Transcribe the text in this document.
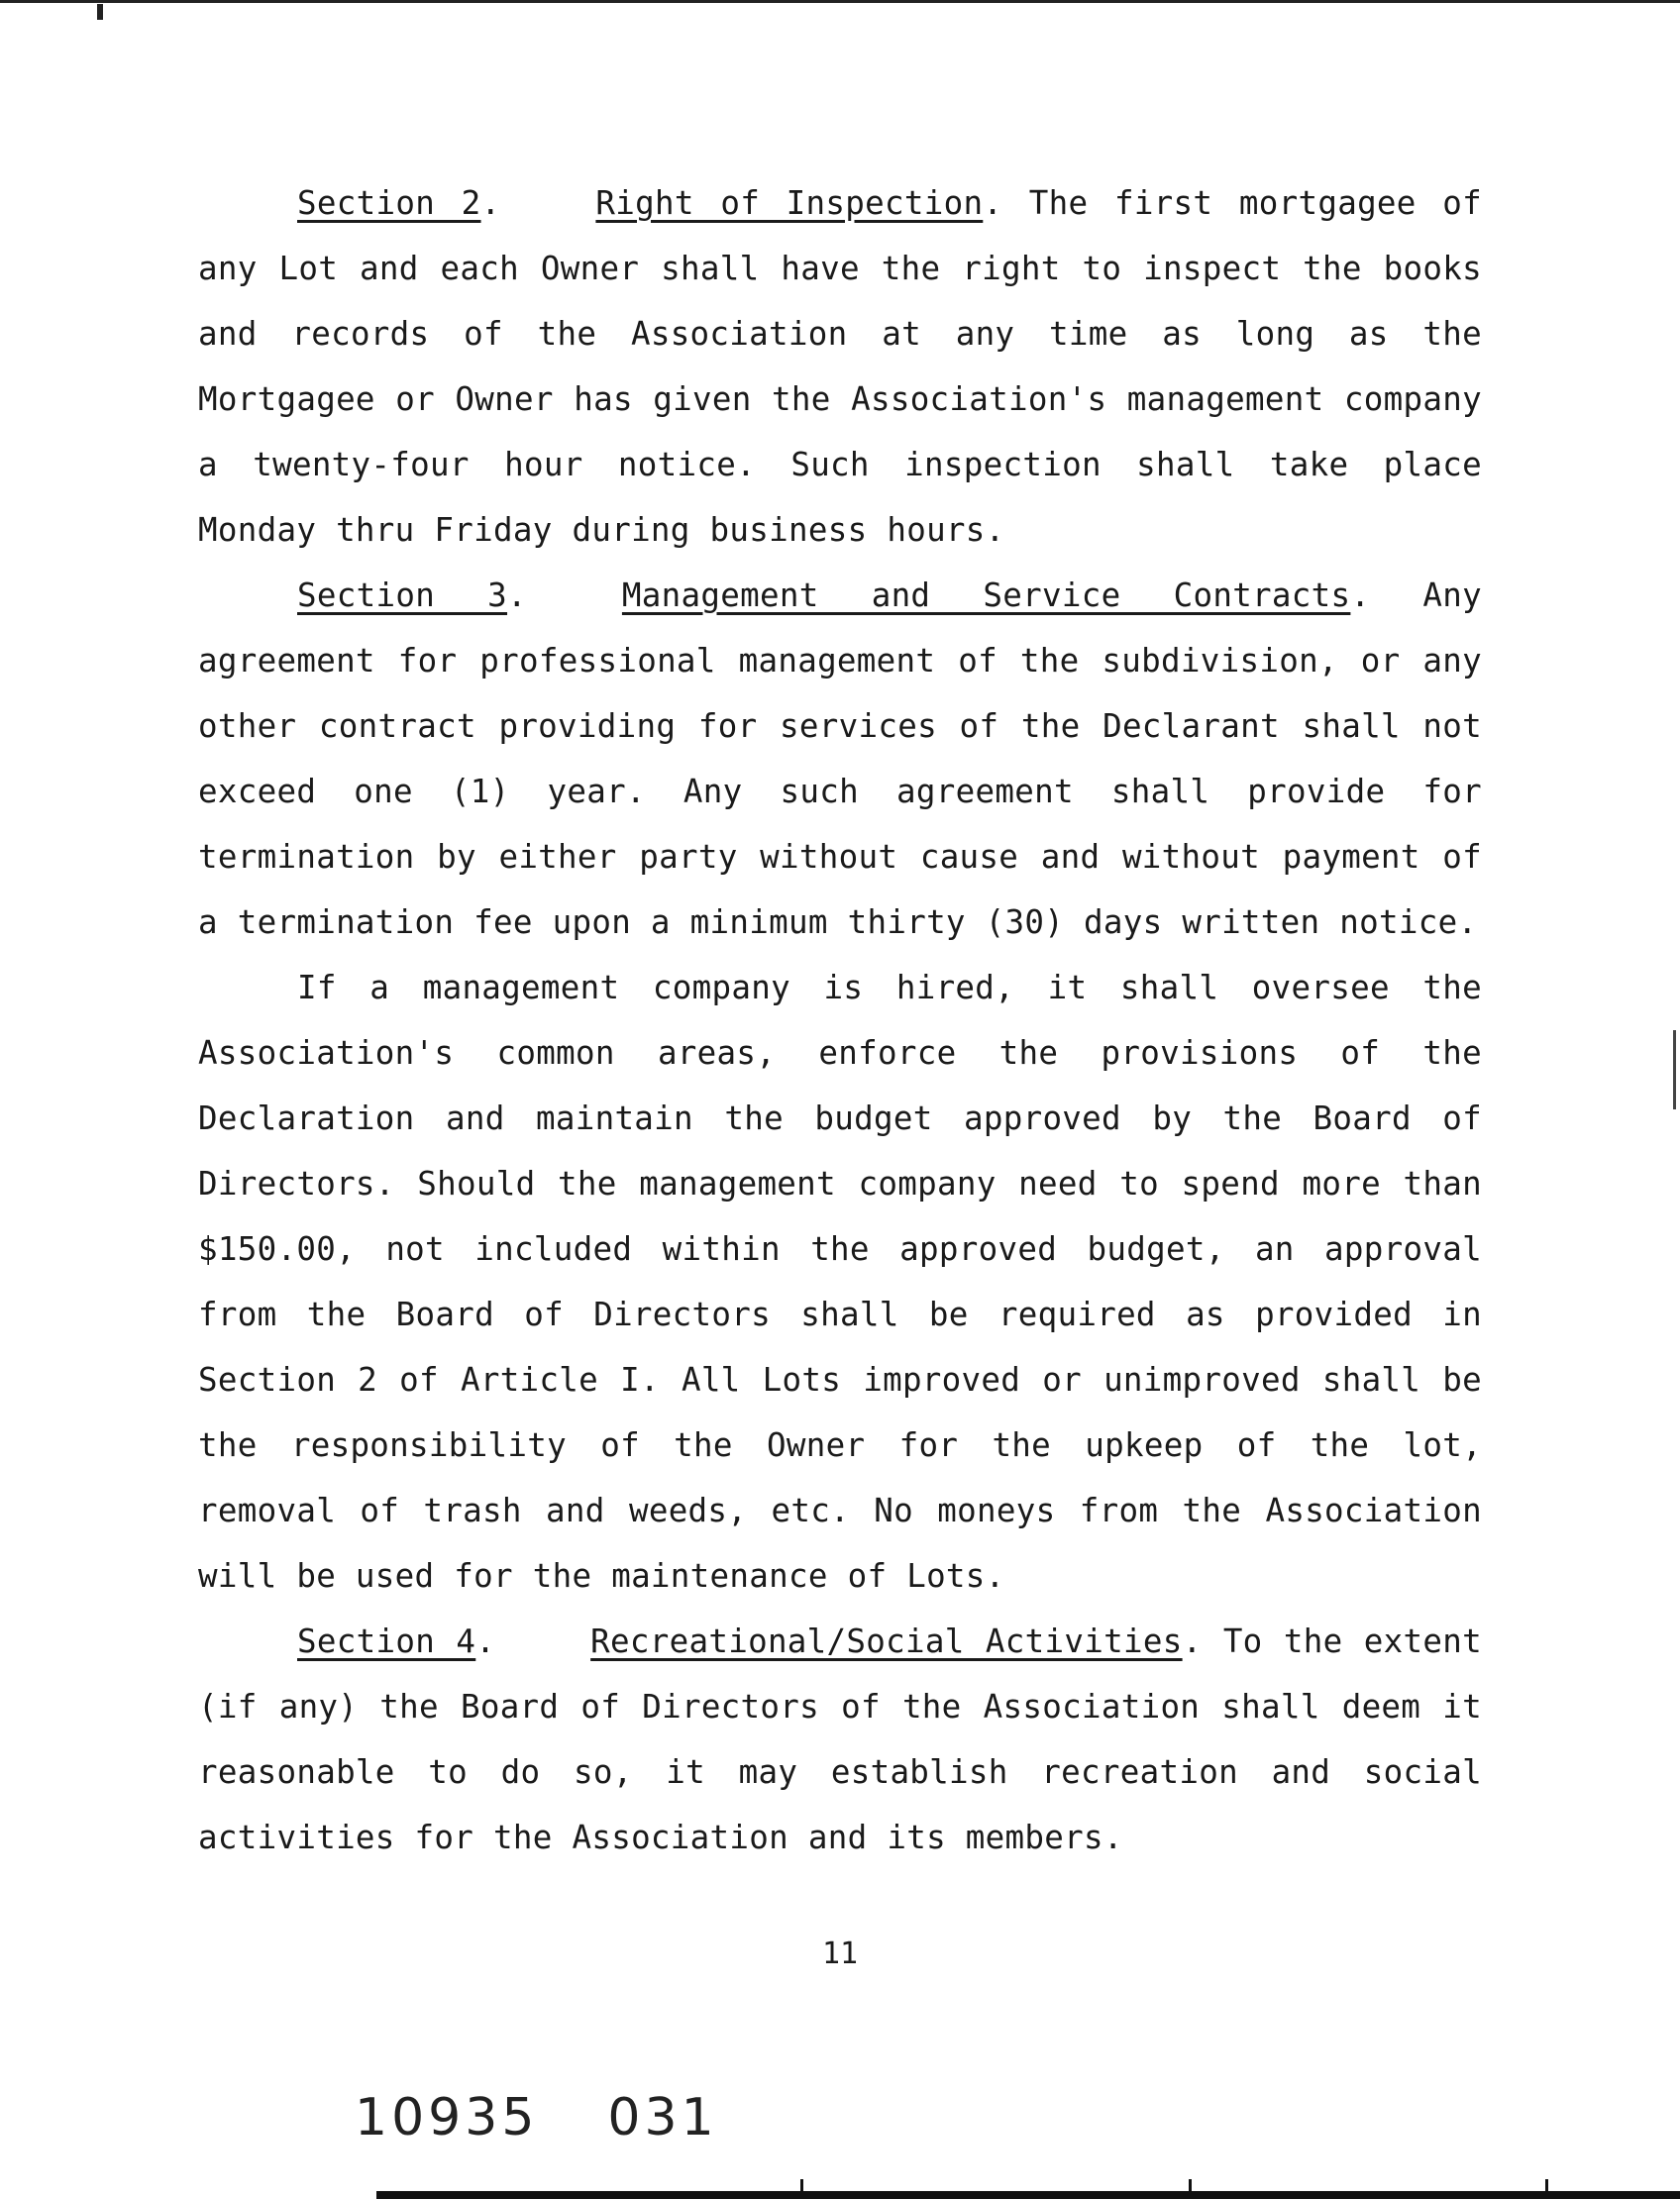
Section 2.	Right of Inspection. The first mortgagee of any Lot and each Owner shall have the right to inspect the books and records of the Association at any time as long as the Mortgagee or Owner has given the Association's management company a twenty-four hour notice. Such inspection shall take place Monday thru Friday during business hours.

Section 3.	Management and Service Contracts. Any agreement for professional management of the subdivision, or any other contract providing for services of the Declarant shall not exceed one (1) year. Any such agreement shall provide for termination by either party without cause and without payment of a termination fee upon a minimum thirty (30) days written notice.

If a management company is hired, it shall oversee the Association's common areas, enforce the provisions of the Declaration and maintain the budget approved by the Board of Directors. Should the management company need to spend more than $150.00, not included within the approved budget, an approval from the Board of Directors shall be required as provided in Section 2 of Article I. All Lots improved or unimproved shall be the responsibility of the Owner for the upkeep of the lot, removal of trash and weeds, etc. No moneys from the Association will be used for the maintenance of Lots.

Section 4.	Recreational/Social Activities. To the extent (if any) the Board of Directors of the Association shall deem it reasonable to do so, it may establish recreation and social activities for the Association and its members.

11
10935 031
